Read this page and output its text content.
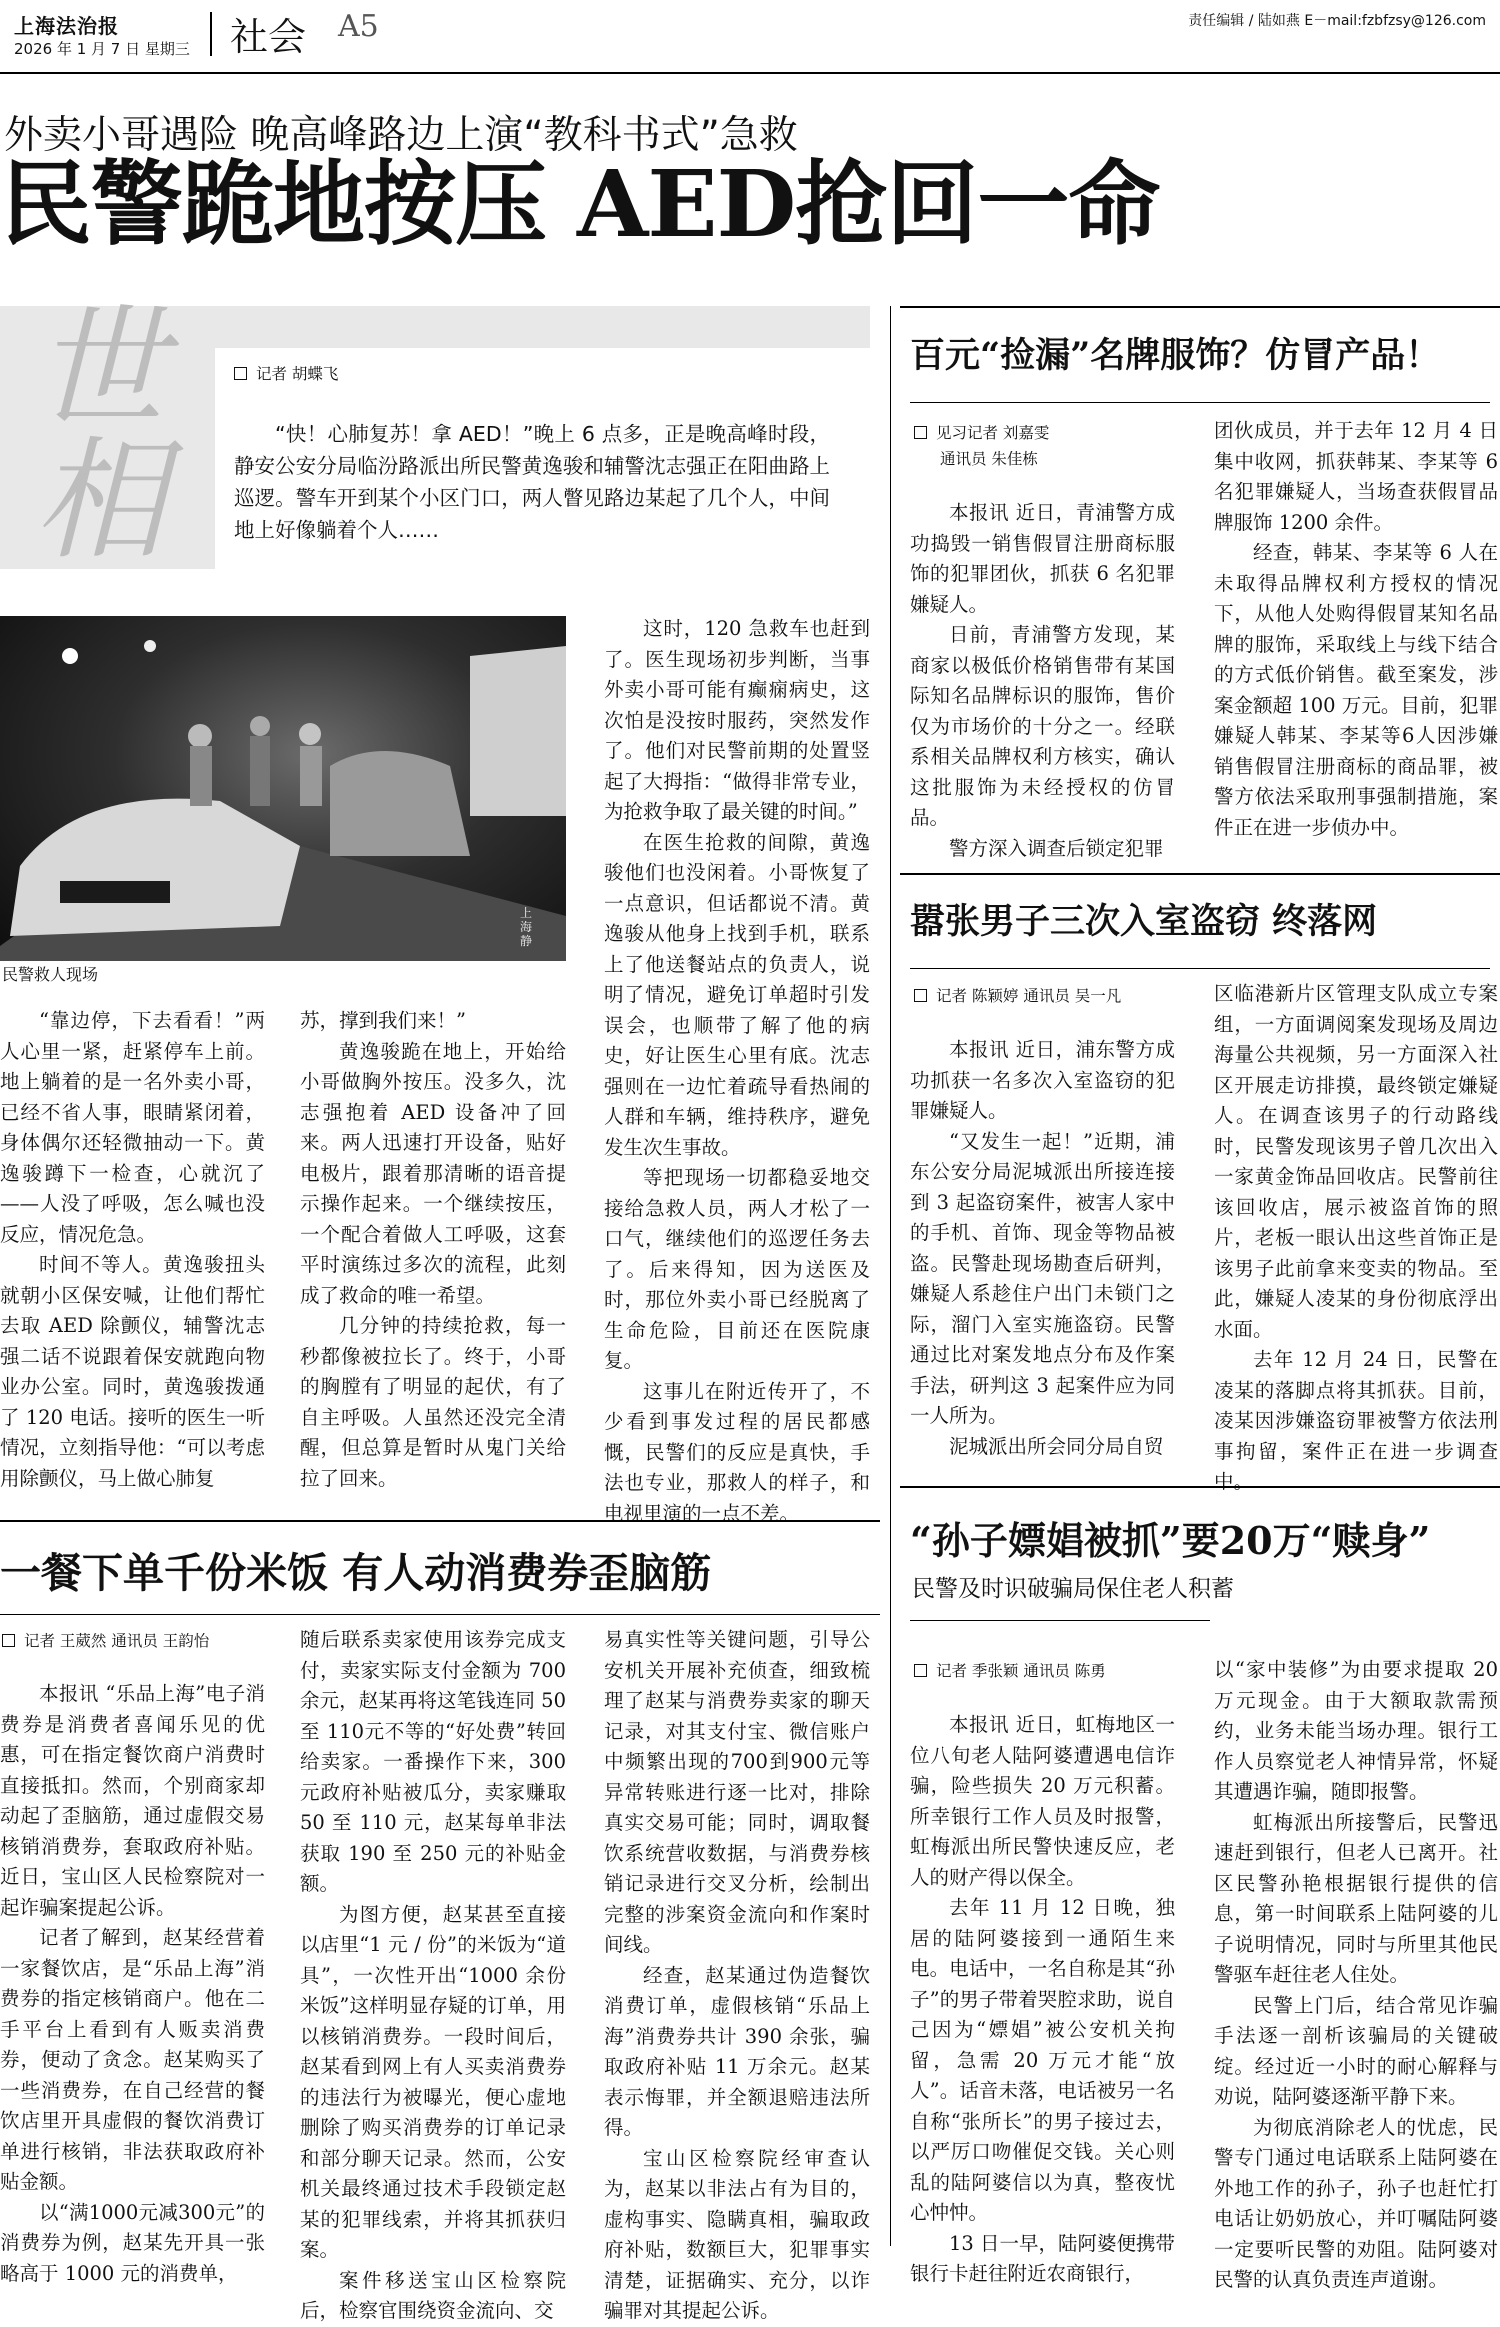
上海法治报
2026 年 1 月 7 日 星期三 社会 A5	责任编辑 / 陆如燕 E－mail:fzbfzsy@126.com
外卖小哥遇险 晚高峰路边上演“教科书式”急救
民警跪地按压 AED抢回一命
世相	记者 胡蝶飞
“快！心肺复苏！拿 AED！”晚上 6 点多，正是晚高峰时段，静安公安分局临汾路派出所民警黄逸骏和辅警沈志强正在阳曲路上巡逻。警车开到某个小区门口，两人瞥见路边某起了几个人，中间地上好像躺着个人……
上海 静
民警救人现场

“靠边停，下去看看！”两人心里一紧，赶紧停车上前。地上躺着的是一名外卖小哥，已经不省人事，眼睛紧闭着，身体偶尔还轻微抽动一下。黄逸骏蹲下一检查，心就沉了——人没了呼吸，怎么喊也没反应，情况危急。

时间不等人。黄逸骏扭头就朝小区保安喊，让他们帮忙去取 AED 除颤仪，辅警沈志强二话不说跟着保安就跑向物业办公室。同时，黄逸骏拨通了 120 电话。接听的医生一听情况，立刻指导他：“可以考虑用除颤仪，马上做心肺复

苏，撑到我们来！”

黄逸骏跪在地上，开始给小哥做胸外按压。没多久，沈志强抱着 AED 设备冲了回来。两人迅速打开设备，贴好电极片，跟着那清晰的语音提示操作起来。一个继续按压，一个配合着做人工呼吸，这套平时演练过多次的流程，此刻成了救命的唯一希望。

几分钟的持续抢救，每一秒都像被拉长了。终于，小哥的胸膛有了明显的起伏，有了自主呼吸。人虽然还没完全清醒，但总算是暂时从鬼门关给拉了回来。

这时，120 急救车也赶到了。医生现场初步判断，当事外卖小哥可能有癫痫病史，这次怕是没按时服药，突然发作了。他们对民警前期的处置竖起了大拇指：“做得非常专业，为抢救争取了最关键的时间。”

在医生抢救的间隙，黄逸骏他们也没闲着。小哥恢复了一点意识，但话都说不清。黄逸骏从他身上找到手机，联系上了他送餐站点的负责人，说明了情况，避免订单超时引发误会，也顺带了解了他的病史，好让医生心里有底。沈志强则在一边忙着疏导看热闹的人群和车辆，维持秩序，避免发生次生事故。

等把现场一切都稳妥地交接给急救人员，两人才松了一口气，继续他们的巡逻任务去了。后来得知，因为送医及时，那位外卖小哥已经脱离了生命危险，目前还在医院康复。

这事儿在附近传开了，不少看到事发过程的居民都感慨，民警们的反应是真快，手法也专业，那救人的样子，和电视里演的一点不差。

百元“捡漏”名牌服饰？仿冒产品！
见习记者 刘嘉雯
通讯员 朱佳栋

本报讯 近日，青浦警方成功捣毁一销售假冒注册商标服饰的犯罪团伙，抓获 6 名犯罪嫌疑人。

日前，青浦警方发现，某商家以极低价格销售带有某国际知名品牌标识的服饰，售价仅为市场价的十分之一。经联系相关品牌权利方核实，确认这批服饰为未经授权的仿冒品。

警方深入调查后锁定犯罪

团伙成员，并于去年 12 月 4 日集中收网，抓获韩某、李某等 6 名犯罪嫌疑人，当场查获假冒品牌服饰 1200 余件。

经查，韩某、李某等 6 人在未取得品牌权利方授权的情况下，从他人处购得假冒某知名品牌的服饰，采取线上与线下结合的方式低价销售。截至案发，涉案金额超 100 万元。目前，犯罪嫌疑人韩某、李某等6人因涉嫌销售假冒注册商标的商品罪，被警方依法采取刑事强制措施，案件正在进一步侦办中。

嚣张男子三次入室盗窃 终落网
记者 陈颖婷 通讯员 吴一凡

本报讯 近日，浦东警方成功抓获一名多次入室盗窃的犯罪嫌疑人。

“又发生一起！”近期，浦东公安分局泥城派出所接连接到 3 起盗窃案件，被害人家中的手机、首饰、现金等物品被盗。民警赴现场勘查后研判，嫌疑人系趁住户出门未锁门之际，溜门入室实施盗窃。民警通过比对案发地点分布及作案手法，研判这 3 起案件应为同一人所为。

泥城派出所会同分局自贸

区临港新片区管理支队成立专案组，一方面调阅案发现场及周边海量公共视频，另一方面深入社区开展走访排摸，最终锁定嫌疑人。在调查该男子的行动路线时，民警发现该男子曾几次出入一家黄金饰品回收店。民警前往该回收店，展示被盗首饰的照片，老板一眼认出这些首饰正是该男子此前拿来变卖的物品。至此，嫌疑人凌某的身份彻底浮出水面。

去年 12 月 24 日，民警在凌某的落脚点将其抓获。目前，凌某因涉嫌盗窃罪被警方依法刑事拘留，案件正在进一步调查中。

一餐下单千份米饭 有人动消费券歪脑筋
记者 王葳然 通讯员 王韵怡

本报讯 “乐品上海”电子消费券是消费者喜闻乐见的优惠，可在指定餐饮商户消费时直接抵扣。然而，个别商家却动起了歪脑筋，通过虚假交易核销消费券，套取政府补贴。近日，宝山区人民检察院对一起诈骗案提起公诉。

记者了解到，赵某经营着一家餐饮店，是“乐品上海”消费券的指定核销商户。他在二手平台上看到有人贩卖消费券，便动了贪念。赵某购买了一些消费券，在自己经营的餐饮店里开具虚假的餐饮消费订单进行核销，非法获取政府补贴金额。

以“满1000元减300元”的消费券为例，赵某先开具一张略高于 1000 元的消费单，

随后联系卖家使用该券完成支付，卖家实际支付金额为 700 余元，赵某再将这笔钱连同 50 至 110元不等的“好处费”转回给卖家。一番操作下来，300 元政府补贴被瓜分，卖家赚取 50 至 110 元，赵某每单非法获取 190 至 250 元的补贴金额。

为图方便，赵某甚至直接以店里“1 元 / 份”的米饭为“道具”，一次性开出“1000 余份米饭”这样明显存疑的订单，用以核销消费券。一段时间后，赵某看到网上有人买卖消费券的违法行为被曝光，便心虚地删除了购买消费券的订单记录和部分聊天记录。然而，公安机关最终通过技术手段锁定赵某的犯罪线索，并将其抓获归案。

案件移送宝山区检察院后，检察官围绕资金流向、交

易真实性等关键问题，引导公安机关开展补充侦查，细致梳理了赵某与消费券卖家的聊天记录，对其支付宝、微信账户中频繁出现的700到900元等异常转账进行逐一比对，排除真实交易可能；同时，调取餐饮系统营收数据，与消费券核销记录进行交叉分析，绘制出完整的涉案资金流向和作案时间线。

经查，赵某通过伪造餐饮消费订单，虚假核销“乐品上海”消费券共计 390 余张，骗取政府补贴 11 万余元。赵某表示悔罪，并全额退赔违法所得。

宝山区检察院经审查认为，赵某以非法占有为目的，虚构事实、隐瞒真相，骗取政府补贴，数额巨大，犯罪事实清楚，证据确实、充分，以诈骗罪对其提起公诉。

“孙子嫖娼被抓”要20万“赎身”
民警及时识破骗局保住老人积蓄
记者 季张颖 通讯员 陈勇

本报讯 近日，虹梅地区一位八旬老人陆阿婆遭遇电信诈骗，险些损失 20 万元积蓄。所幸银行工作人员及时报警，虹梅派出所民警快速反应，老人的财产得以保全。

去年 11 月 12 日晚，独居的陆阿婆接到一通陌生来电。电话中，一名自称是其“孙子”的男子带着哭腔求助，说自己因为“嫖娼”被公安机关拘留，急需 20 万元才能“放人”。话音未落，电话被另一名自称“张所长”的男子接过去，以严厉口吻催促交钱。关心则乱的陆阿婆信以为真，整夜忧心忡忡。

13 日一早，陆阿婆便携带银行卡赶往附近农商银行，

以“家中装修”为由要求提取 20 万元现金。由于大额取款需预约，业务未能当场办理。银行工作人员察觉老人神情异常，怀疑其遭遇诈骗，随即报警。

虹梅派出所接警后，民警迅速赶到银行，但老人已离开。社区民警孙艳根据银行提供的信息，第一时间联系上陆阿婆的儿子说明情况，同时与所里其他民警驱车赶往老人住处。

民警上门后，结合常见诈骗手法逐一剖析该骗局的关键破绽。经过近一小时的耐心解释与劝说，陆阿婆逐渐平静下来。

为彻底消除老人的忧虑，民警专门通过电话联系上陆阿婆在外地工作的孙子，孙子也赶忙打电话让奶奶放心，并叮嘱陆阿婆一定要听民警的劝阻。陆阿婆对民警的认真负责连声道谢。
